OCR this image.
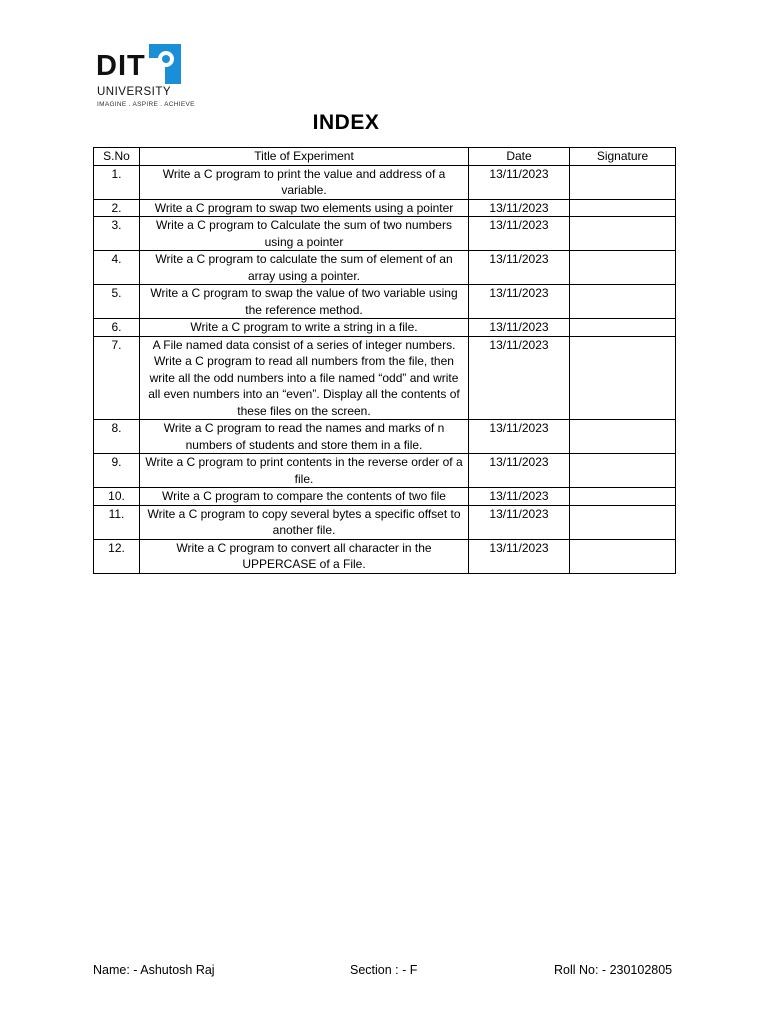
DIT
UNIVERSITY
IMAGINE . ASPIRE . ACHIEVE
INDEX
S.No	Title of Experiment	Date	Signature
1.	Write a C program to print the value and address of a variable.	13/11/2023	
2.	Write a C program to swap two elements using a pointer	13/11/2023	
3.	Write a C program to Calculate the sum of two numbers using a pointer	13/11/2023	
4.	Write a C program to calculate the sum of element of an array using a pointer.	13/11/2023	
5.	Write a C program to swap the value of two variable using the reference method.	13/11/2023	
6.	Write a C program to write a string in a file.	13/11/2023	
7.	A File named data consist of a series of integer numbers. Write a C program to read all numbers from the file, then write all the odd numbers into a file named “odd” and write all even numbers into an “even”. Display all the contents of these files on the screen.	13/11/2023	
8.	Write a C program to read the names and marks of n numbers of students and store them in a file.	13/11/2023	
9.	Write a C program to print contents in the reverse order of a file.	13/11/2023	
10.	Write a C program to compare the contents of two file	13/11/2023	
11.	Write a C program to copy several bytes a specific offset to another file.	13/11/2023	
12.	Write a C program to convert all character in the UPPERCASE of a File.	13/11/2023	
Name: - Ashutosh Raj	Section : - F	Roll No: - 230102805
